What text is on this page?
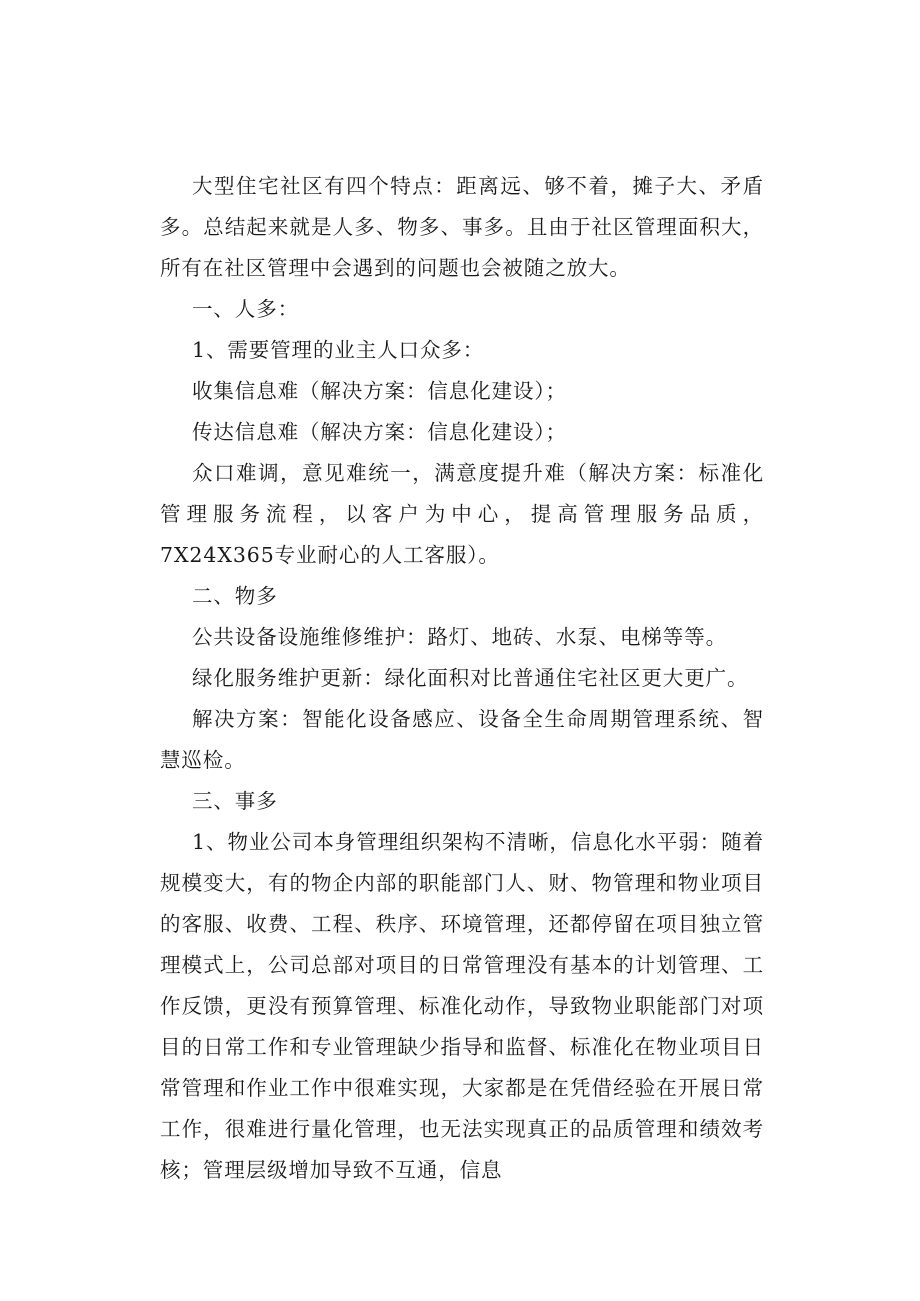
大型住宅社区有四个特点：距离远、够不着，摊子大、矛盾多。总结起来就是人多、物多、事多。且由于社区管理面积大，所有在社区管理中会遇到的问题也会被随之放大。

一、人多：

1、需要管理的业主人口众多：

收集信息难（解决方案：信息化建设）；

传达信息难（解决方案：信息化建设）；

众口难调，意见难统一，满意度提升难（解决方案：标准化管理服务流程，以客户为中心，提高管理服务品质，7X24X365专业耐心的人工客服）。

二、物多

公共设备设施维修维护：路灯、地砖、水泵、电梯等等。

绿化服务维护更新：绿化面积对比普通住宅社区更大更广。

解决方案：智能化设备感应、设备全生命周期管理系统、智慧巡检。

三、事多

1、物业公司本身管理组织架构不清晰，信息化水平弱：随着规模变大，有的物企内部的职能部门人、财、物管理和物业项目的客服、收费、工程、秩序、环境管理，还都停留在项目独立管理模式上，公司总部对项目的日常管理没有基本的计划管理、工作反馈，更没有预算管理、标准化动作，导致物业职能部门对项目的日常工作和专业管理缺少指导和监督、标准化在物业项目日常管理和作业工作中很难实现，大家都是在凭借经验在开展日常工作，很难进行量化管理，也无法实现真正的品质管理和绩效考核；管理层级增加导致不互通，信息
